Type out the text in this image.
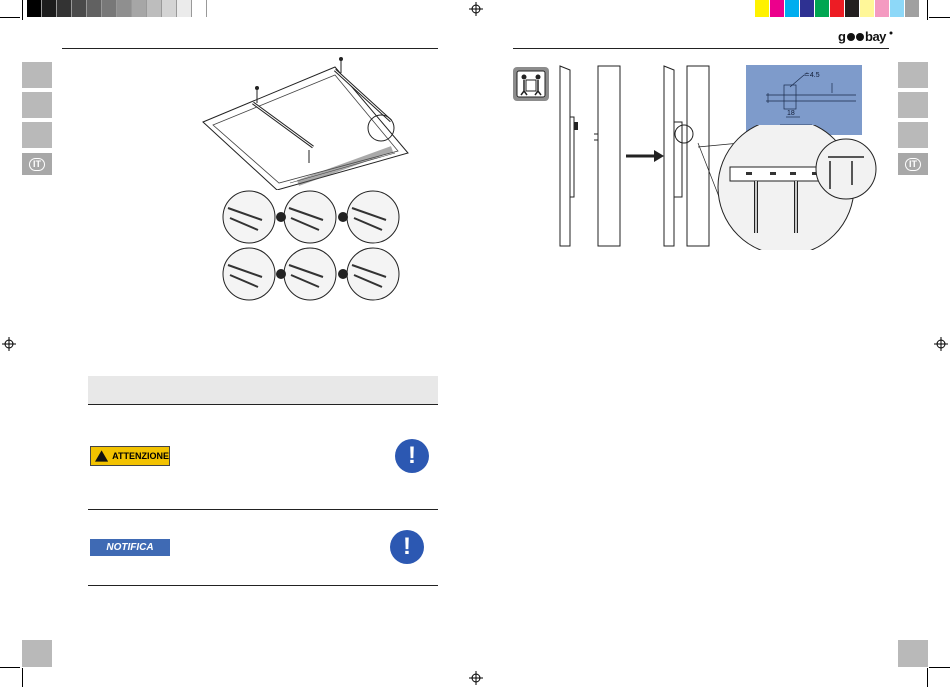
g bay
IT	IT
ATTENZIONE	!
NOTIFICA	!
≐4.5
18
